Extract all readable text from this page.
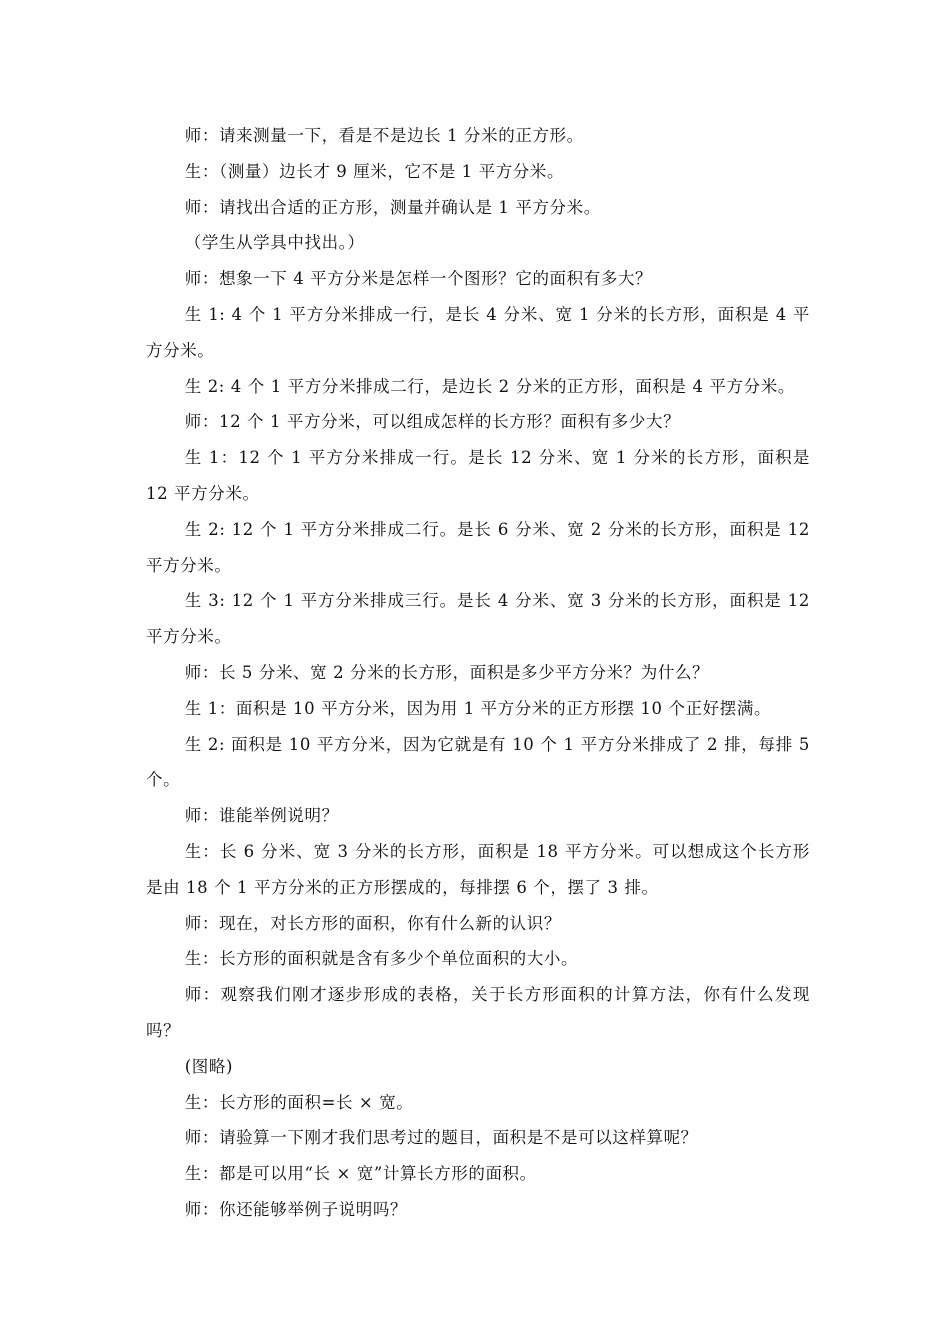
师：请来测量一下，看是不是边长 1 分米的正方形。

生：（测量）边长才 9 厘米，它不是 1 平方分米。

师：请找出合适的正方形，测量并确认是 1 平方分米。

（学生从学具中找出。）

师：想象一下 4 平方分米是怎样一个图形？它的面积有多大？

生 1: 4 个 1 平方分米排成一行，是长 4 分米、宽 1 分米的长方形，面积是 4 平方分米。

生 2: 4 个 1 平方分米排成二行，是边长 2 分米的正方形，面积是 4 平方分米。

师：12 个 1 平方分米，可以组成怎样的长方形？面积有多少大？

生 1：12 个 1 平方分米排成一行。是长 12 分米、宽 1 分米的长方形，面积是 12 平方分米。

生 2: 12 个 1 平方分米排成二行。是长 6 分米、宽 2 分米的长方形，面积是 12 平方分米。

生 3: 12 个 1 平方分米排成三行。是长 4 分米、宽 3 分米的长方形，面积是 12 平方分米。

师：长 5 分米、宽 2 分米的长方形，面积是多少平方分米？为什么？

生 1：面积是 10 平方分米，因为用 1 平方分米的正方形摆 10 个正好摆满。

生 2: 面积是 10 平方分米，因为它就是有 10 个 1 平方分米排成了 2 排，每排 5 个。

师：谁能举例说明？

生：长 6 分米、宽 3 分米的长方形，面积是 18 平方分米。可以想成这个长方形是由 18 个 1 平方分米的正方形摆成的，每排摆 6 个，摆了 3 排。

师：现在，对长方形的面积，你有什么新的认识？

生：长方形的面积就是含有多少个单位面积的大小。

师：观察我们刚才逐步形成的表格，关于长方形面积的计算方法，你有什么发现吗？

(图略)

生：长方形的面积=长 × 宽。

师：请验算一下刚才我们思考过的题目，面积是不是可以这样算呢？

生：都是可以用“长 × 宽”计算长方形的面积。

师：你还能够举例子说明吗？
